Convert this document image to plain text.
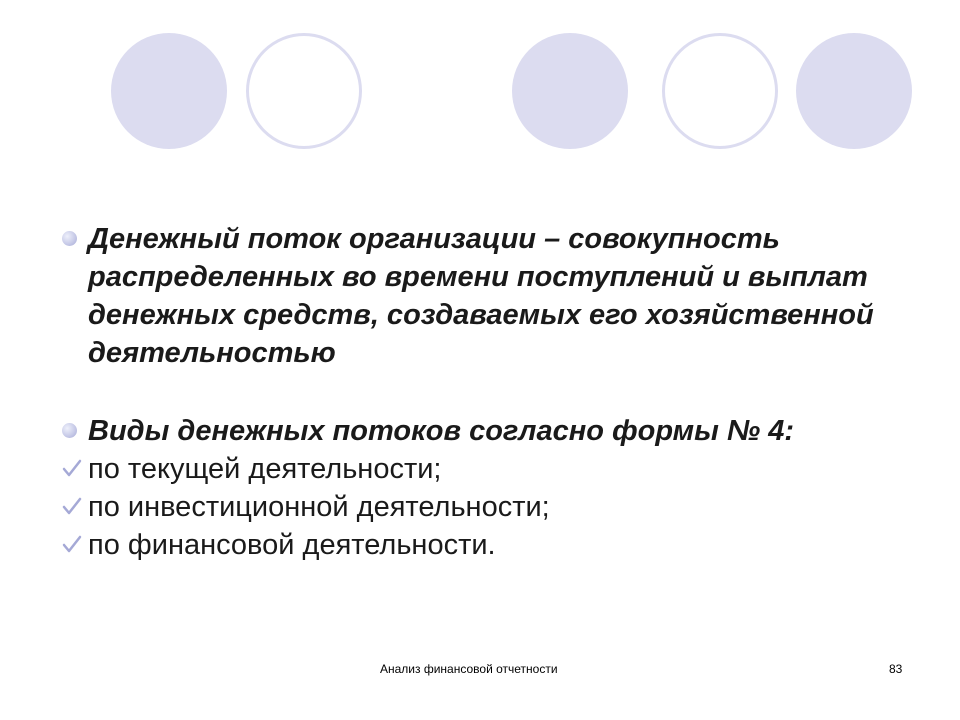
Денежный поток организации – совокупность распределенных во времени поступлений и выплат денежных средств, создаваемых его хозяйственной деятельностью
Виды денежных потоков согласно формы № 4:
по текущей деятельности;
по инвестиционной деятельности;
по финансовой деятельности.
Анализ финансовой отчетности	83
